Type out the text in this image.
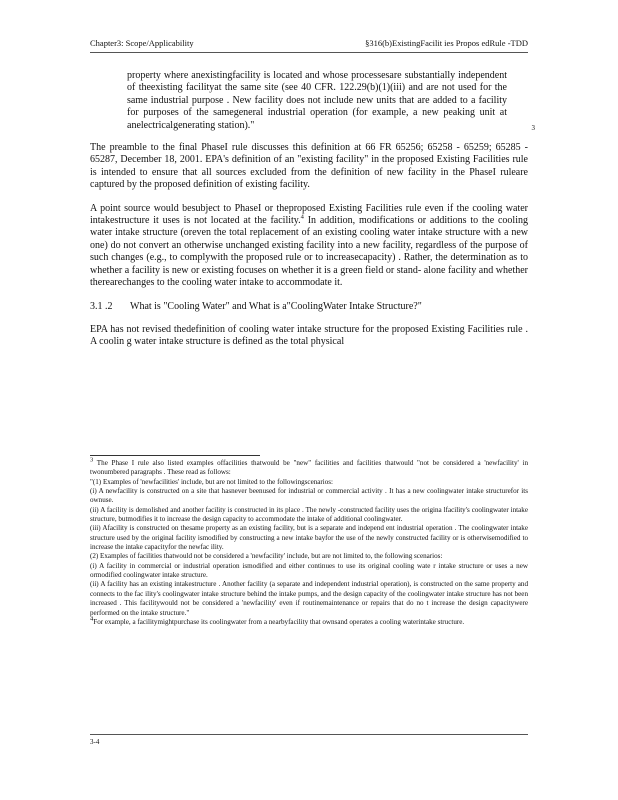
Chapter3: Scope/Applicability	§316(b)ExistingFacilit ies Propos edRule -TDD
property where anexistingfacility is located and whose processesare substantially independent of theexisting facilityat the same site (see 40 CFR. 122.29(b)(1)(iii) and are not used for the same industrial purpose . New facility does not include new units that are added to a facility for purposes of the samegeneral industrial operation (for example, a new peaking unit at anelectricalgenerating station)."	3

The preamble to the final PhaseI rule discusses this definition at 66 FR 65256; 65258 - 65259; 65285 - 65287, December 18, 2001. EPA's definition of an "existing facility" in the proposed Existing Facilities rule is intended to ensure that all sources excluded from the definition of new facility in the PhaseI ruleare captured by the proposed definition of existing facility.

A point source would besubject to PhaseI or theproposed Existing Facilities rule even if the cooling water intakestructure it uses is not located at the facility.$^4$ In addition, modifications or additions to the cooling water intake structure (oreven the total replacement of an existing cooling water intake structure with a new one) do not convert an otherwise unchanged existing facility into a new facility, regardless of the purpose of such changes (e.g., to complywith the proposed rule or to increasecapacity) . Rather, the determination as to whether a facility is new or existing focuses on whether it is a green field or stand- alone facility and whether therearechanges to the cooling water intake to accommodate it.

3.1 .2	What is "Cooling Water" and What is a"CoolingWater Intake Structure?"

EPA has not revised thedefinition of cooling water intake structure for the proposed Existing Facilities rule . A coolin g water intake structure is defined as the total physical

$^3$ The Phase I rule also listed examples offacilities thatwould be "new" facilities and facilities thatwould "not be considered a 'newfacility' in twonumbered paragraphs . These read as follows:

"(1) Examples of 'newfacilities' include, but are not limited to the followingscenarios:

(i) A newfacility is constructed on a site that hasnever beenused for industrial or commercial activity . It has a new coolingwater intake structurefor its ownuse.

(ii) A facility is demolished and another facility is constructed in its place . The newly -constructed facility uses the origina lfacility's coolingwater intake structure, butmodifies it to increase the design capacity to accommodate the intake of additional coolingwater.

(iii) Afacility is constructed on thesame property as an existing facility, but is a separate and independ ent industrial operation . The coolingwater intake structure used by the original facility ismodified by constructing a new intake bayfor the use of the newly constructed facility or is otherwisemodified to increase the intake capacityfor the newfac ility.

(2) Examples of facilities thatwould not be considered a 'newfacility' include, but are not limited to, the following scenarios:

(i) A facility in commercial or industrial operation ismodified and either continues to use its original cooling wate r intake structure or uses a new ormodified coolingwater intake structure.

(ii) A facility has an existing intakestructure . Another facility (a separate and independent industrial operation), is constructed on the same property and connects to the fac ility's coolingwater intake structure behind the intake pumps, and the design capacity of the coolingwater intake structure has not been increased . This facilitywould not be considered a 'newfacility' even if routinemaintenance or repairs that do no t increase the design capacitywere performed on the intake structure."

$^4$For example, a facilitymightpurchase its coolingwater from a nearbyfacility that ownsand operates a cooling waterintake structure.

3-4
